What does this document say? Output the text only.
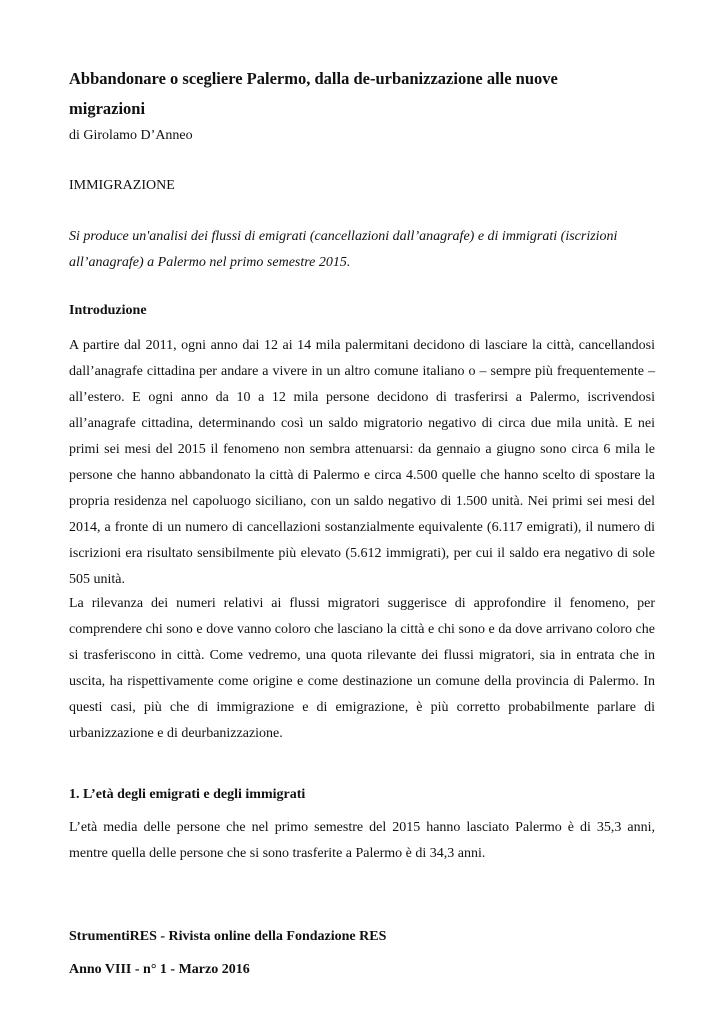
Abbandonare o scegliere Palermo, dalla de-urbanizzazione alle nuove migrazioni

di Girolamo D’Anneo

IMMIGRAZIONE

Si produce un'analisi dei flussi di emigrati (cancellazioni dall’anagrafe) e di immigrati (iscrizioni all’anagrafe) a Palermo nel primo semestre 2015.

Introduzione

A partire dal 2011, ogni anno dai 12 ai 14 mila palermitani decidono di lasciare la città, cancellandosi dall’anagrafe cittadina per andare a vivere in un altro comune italiano o – sempre più frequentemente – all’estero. E ogni anno da 10 a 12 mila persone decidono di trasferirsi a Palermo, iscrivendosi all’anagrafe cittadina, determinando così un saldo migratorio negativo di circa due mila unità. E nei primi sei mesi del 2015 il fenomeno non sembra attenuarsi: da gennaio a giugno sono circa 6 mila le persone che hanno abbandonato la città di Palermo e circa 4.500 quelle che hanno scelto di spostare la propria residenza nel capoluogo siciliano, con un saldo negativo di 1.500 unità. Nei primi sei mesi del 2014, a fronte di un numero di cancellazioni sostanzialmente equivalente (6.117 emigrati), il numero di iscrizioni era risultato sensibilmente più elevato (5.612 immigrati), per cui il saldo era negativo di sole 505 unità.

La rilevanza dei numeri relativi ai flussi migratori suggerisce di approfondire il fenomeno, per comprendere chi sono e dove vanno coloro che lasciano la città e chi sono e da dove arrivano coloro che si trasferiscono in città. Come vedremo, una quota rilevante dei flussi migratori, sia in entrata che in uscita, ha rispettivamente come origine e come destinazione un comune della provincia di Palermo. In questi casi, più che di immigrazione e di emigrazione, è più corretto probabilmente parlare di urbanizzazione e di deurbanizzazione.

1. L’età degli emigrati e degli immigrati

L’età media delle persone che nel primo semestre del 2015 hanno lasciato Palermo è di 35,3 anni, mentre quella delle persone che si sono trasferite a Palermo è di 34,3 anni.

StrumentiRES - Rivista online della Fondazione RES

Anno VIII - n° 1 - Marzo 2016
